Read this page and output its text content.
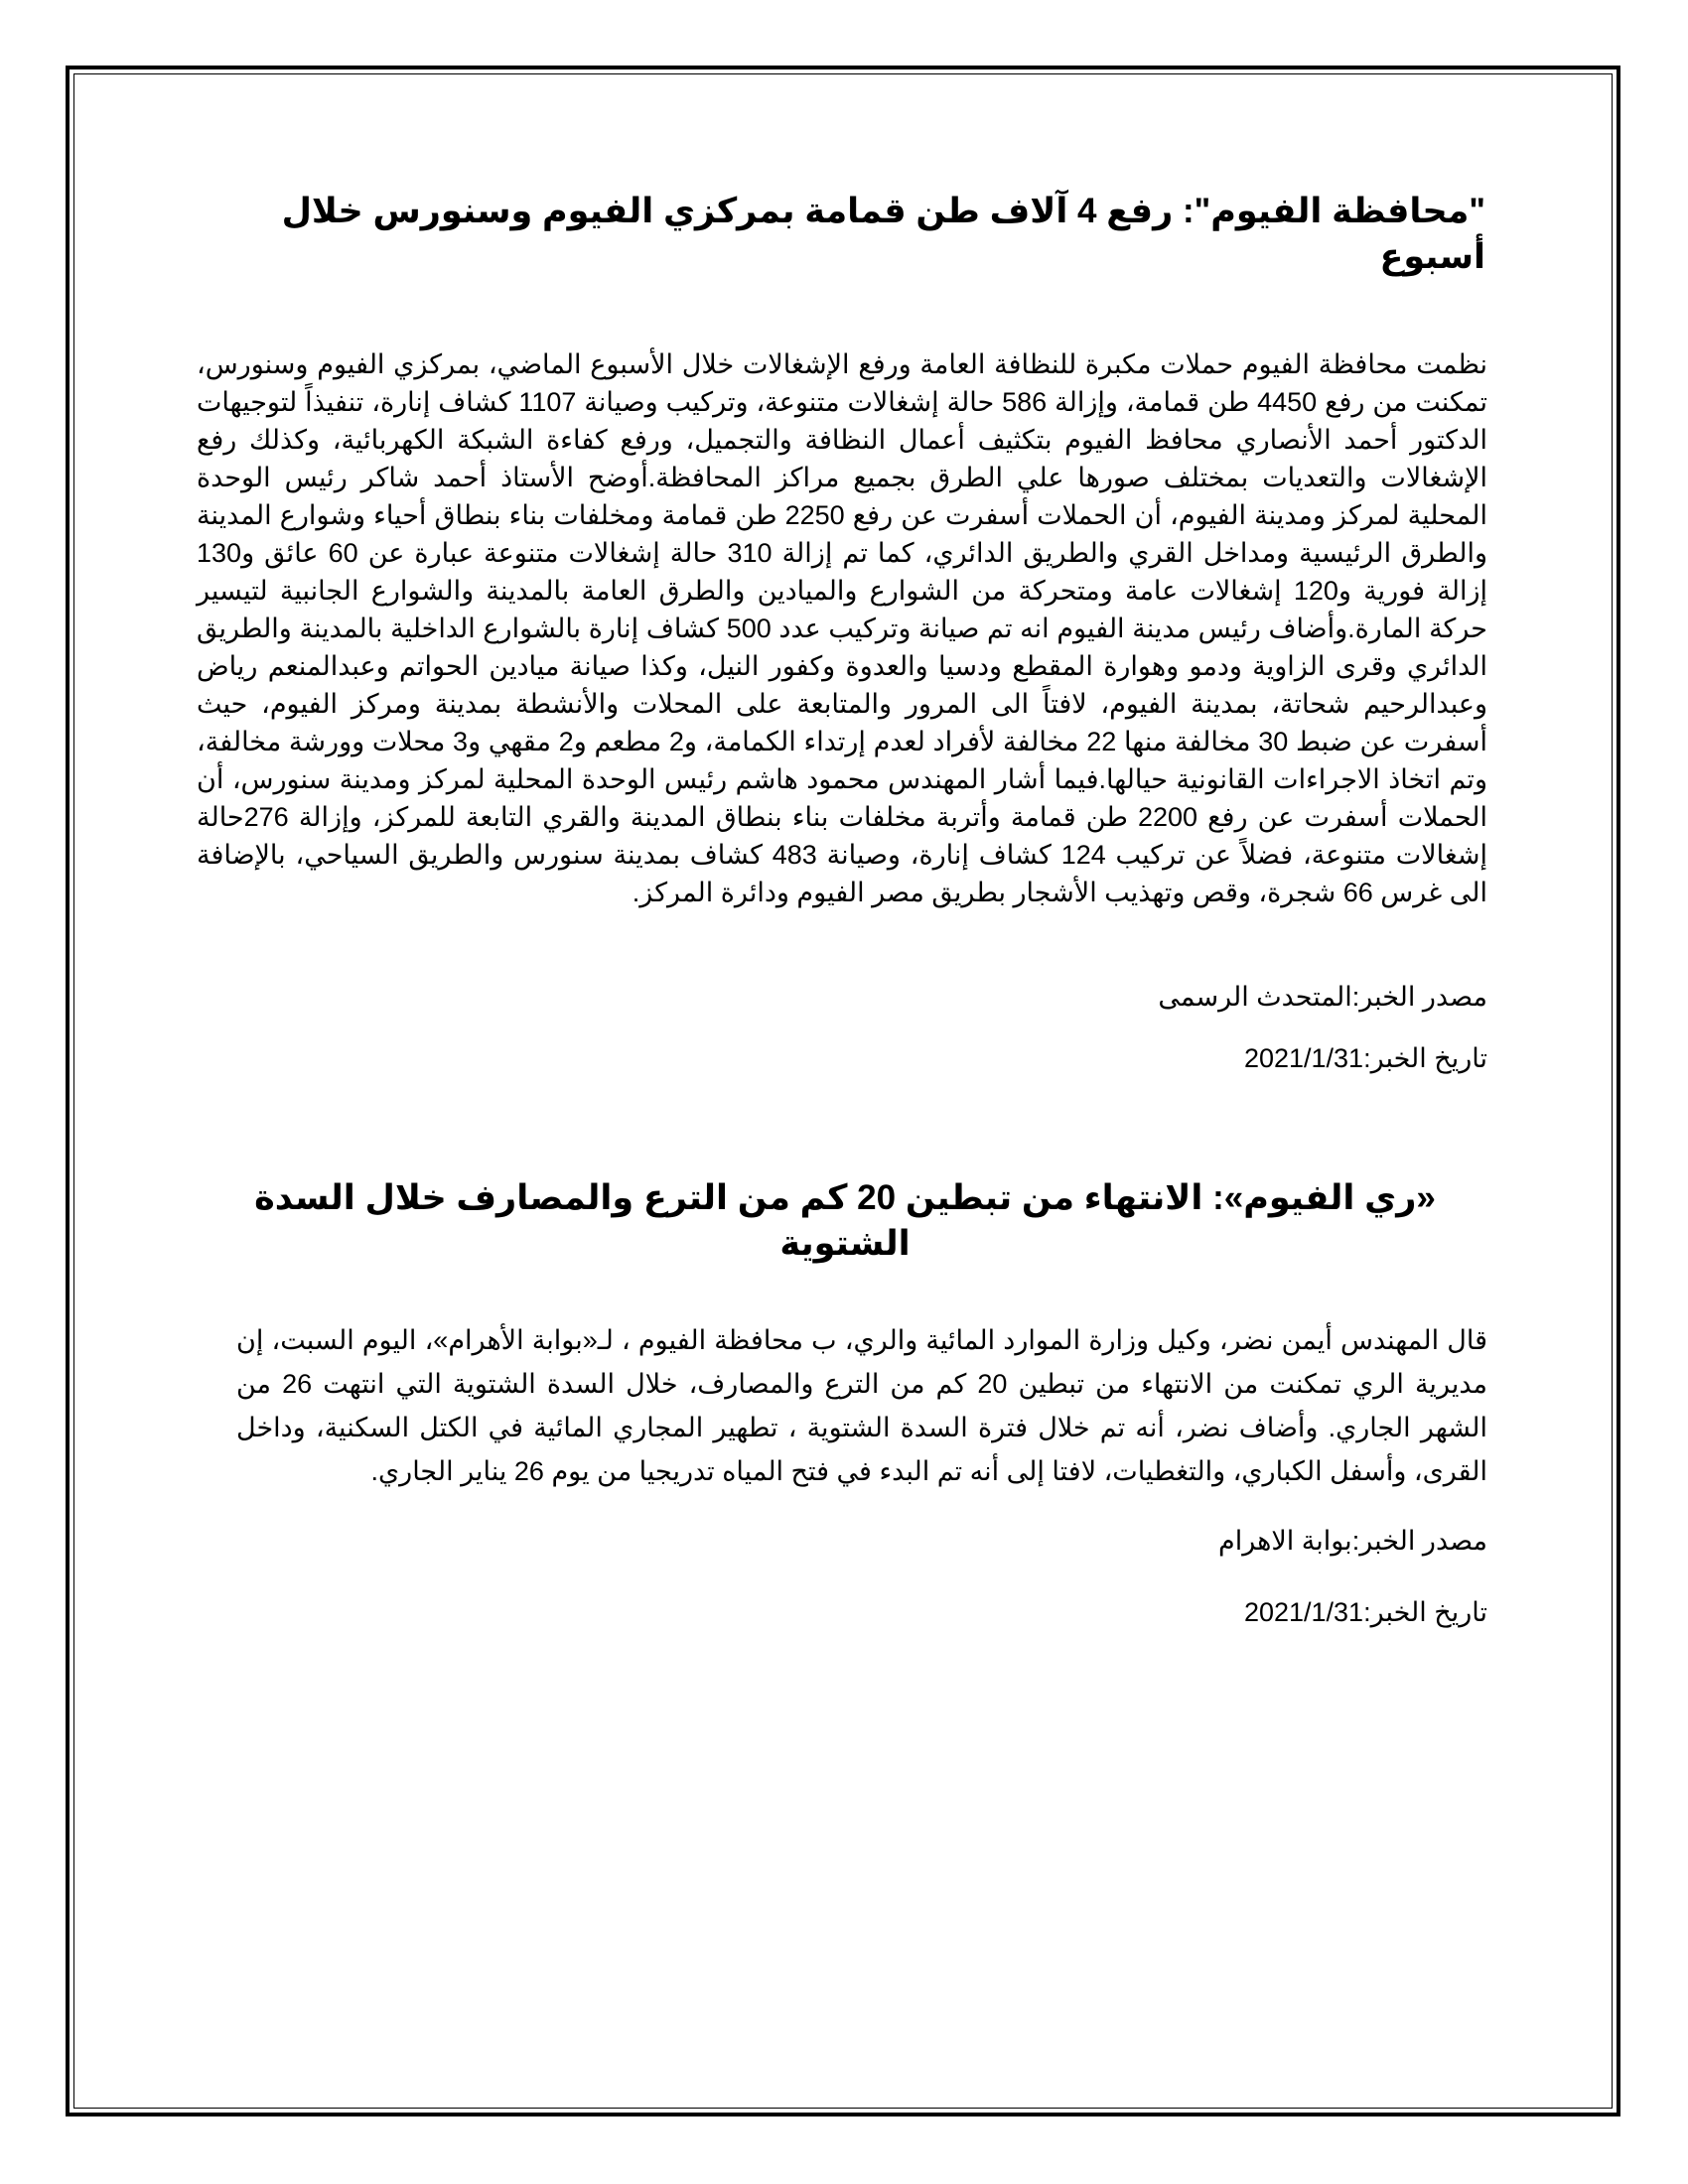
"محافظة الفيوم": رفع 4 آلاف طن قمامة بمركزي الفيوم وسنورس خلال أسبوع

نظمت محافظة الفيوم حملات مكبرة للنظافة العامة ورفع الإشغالات خلال الأسبوع الماضي، بمركزي الفيوم وسنورس، تمكنت من رفع 4450 طن قمامة، وإزالة 586 حالة إشغالات متنوعة، وتركيب وصيانة 1107 كشاف إنارة، تنفيذاً لتوجيهات الدكتور أحمد الأنصاري محافظ الفيوم بتكثيف أعمال النظافة والتجميل، ورفع كفاءة الشبكة الكهربائية، وكذلك رفع الإشغالات والتعديات بمختلف صورها علي الطرق بجميع مراكز المحافظة.أوضح الأستاذ أحمد شاكر رئيس الوحدة المحلية لمركز ومدينة الفيوم، أن الحملات أسفرت عن رفع 2250 طن قمامة ومخلفات بناء بنطاق أحياء وشوارع المدينة والطرق الرئيسية ومداخل القري والطريق الدائري، كما تم إزالة 310 حالة إشغالات متنوعة عبارة عن 60 عائق و130 إزالة فورية و120 إشغالات عامة ومتحركة من الشوارع والميادين والطرق العامة بالمدينة والشوارع الجانبية لتيسير حركة المارة.وأضاف رئيس مدينة الفيوم انه تم صيانة وتركيب عدد 500 كشاف إنارة بالشوارع الداخلية بالمدينة والطريق الدائري وقرى الزاوية ودمو وهوارة المقطع ودسيا والعدوة وكفور النيل، وكذا صيانة ميادين الحواتم وعبدالمنعم رياض وعبدالرحيم شحاتة، بمدينة الفيوم، لافتاً الى المرور والمتابعة على المحلات والأنشطة بمدينة ومركز الفيوم، حيث أسفرت عن ضبط 30 مخالفة منها 22 مخالفة لأفراد لعدم إرتداء الكمامة، و2 مطعم و2 مقهي و3 محلات وورشة مخالفة، وتم اتخاذ الاجراءات القانونية حيالها.فيما أشار المهندس محمود هاشم رئيس الوحدة المحلية لمركز ومدينة سنورس، أن الحملات أسفرت عن رفع 2200 طن قمامة وأتربة مخلفات بناء بنطاق المدينة والقري التابعة للمركز، وإزالة 276حالة إشغالات متنوعة، فضلاً عن تركيب 124 كشاف إنارة، وصيانة 483 كشاف بمدينة سنورس والطريق السياحي، بالإضافة الى غرس 66 شجرة، وقص وتهذيب الأشجار بطريق مصر الفيوم ودائرة المركز.

مصدر الخبر:المتحدث الرسمى

تاريخ الخبر:2021/1/31

«ري الفيوم»: الانتهاء من تبطين 20 كم من الترع والمصارف خلال السدة الشتوية

قال المهندس أيمن نضر، وكيل وزارة الموارد المائية والري، ب محافظة الفيوم ، لـ«بوابة الأهرام»، اليوم السبت، إن مديرية الري تمكنت من الانتهاء من تبطين 20 كم من الترع والمصارف، خلال السدة الشتوية التي انتهت 26 من الشهر الجاري. وأضاف نضر، أنه تم خلال فترة السدة الشتوية ، تطهير المجاري المائية في الكتل السكنية، وداخل القرى، وأسفل الكباري، والتغطيات، لافتا إلى أنه تم البدء في فتح المياه تدريجيا من يوم 26 يناير الجاري.

مصدر الخبر:بوابة الاهرام

تاريخ الخبر:2021/1/31
